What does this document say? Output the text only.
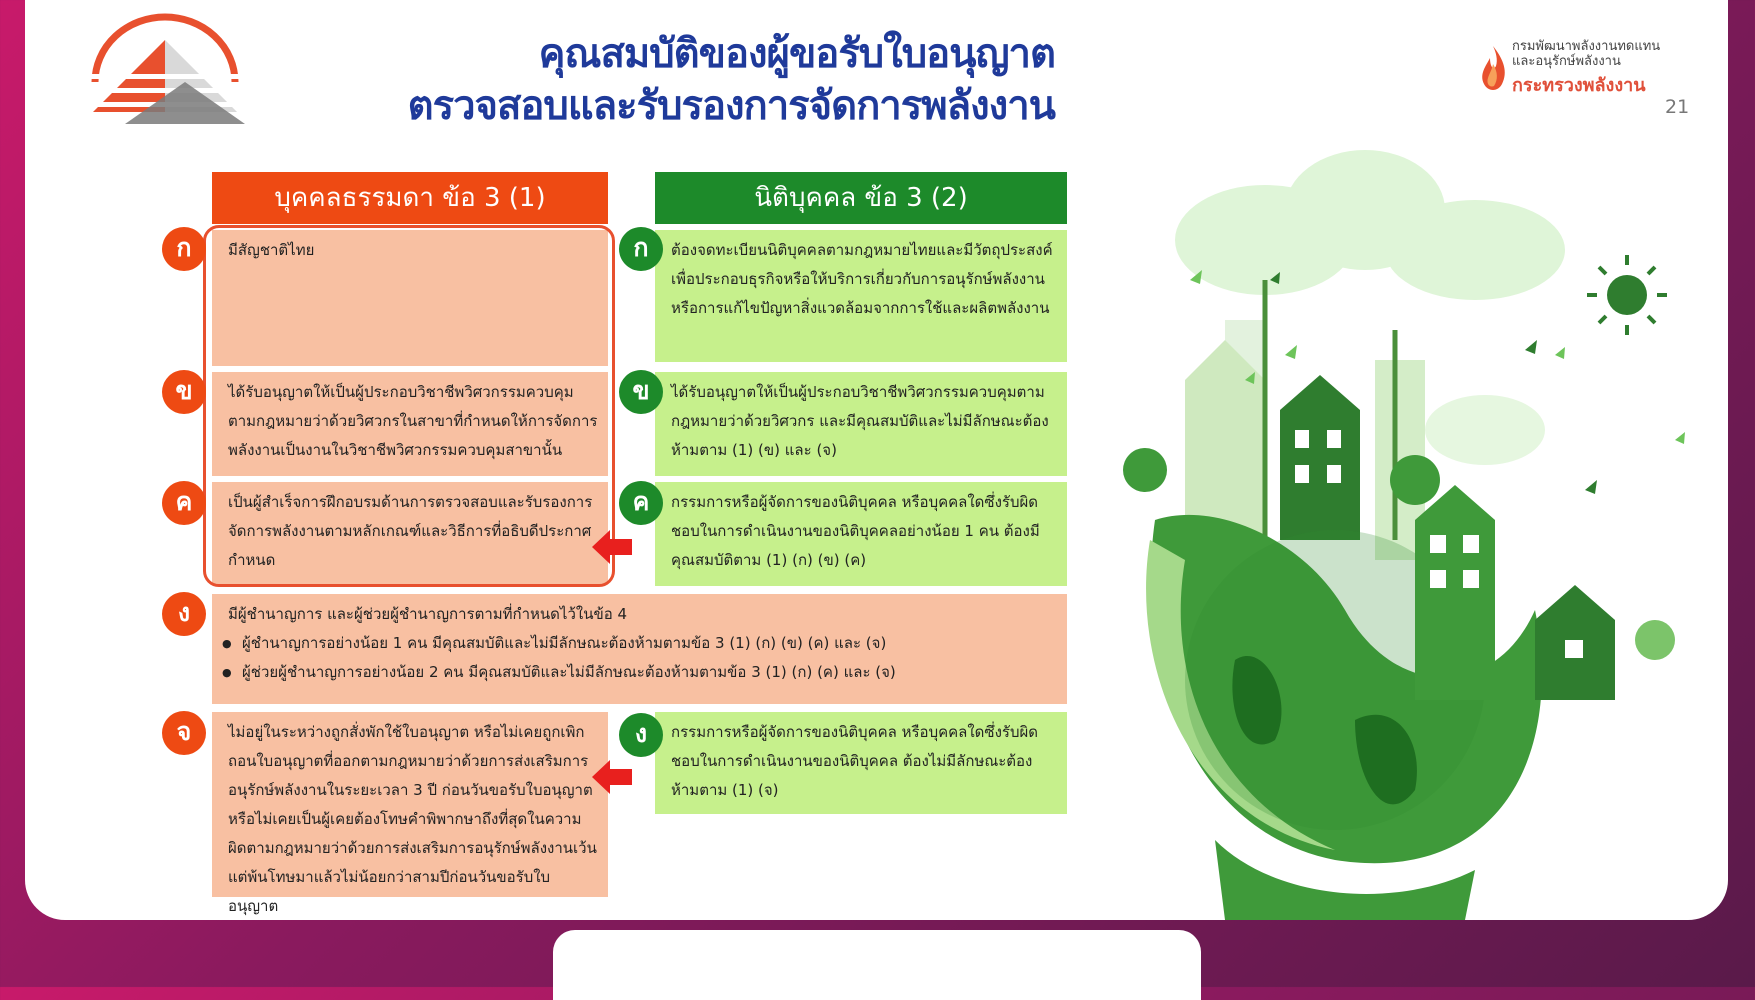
คุณสมบัติของผู้ขอรับใบอนุญาต
ตรวจสอบและรับรองการจัดการพลังงาน
กรมพัฒนาพลังงานทดแทน
และอนุรักษ์พลังงาน
กระทรวงพลังงาน
21
บุคคลธรรมดา ข้อ 3 (1)	นิติบุคคล ข้อ 3 (2)
มีสัญชาติไทย
ได้รับอนุญาตให้เป็นผู้ประกอบวิชาชีพวิศวกรรมควบคุมตามกฎหมายว่าด้วยวิศวกรในสาขาที่กำหนดให้การจัดการพลังงานเป็นงานในวิชาชีพวิศวกรรมควบคุมสาขานั้น
เป็นผู้สำเร็จการฝึกอบรมด้านการตรวจสอบและรับรองการจัดการพลังงานตามหลักเกณฑ์และวิธีการที่อธิบดีประกาศกำหนด
ต้องจดทะเบียนนิติบุคคลตามกฎหมายไทยและมีวัตถุประสงค์เพื่อประกอบธุรกิจหรือให้บริการเกี่ยวกับการอนุรักษ์พลังงานหรือการแก้ไขปัญหาสิ่งแวดล้อมจากการใช้และผลิตพลังงาน
ได้รับอนุญาตให้เป็นผู้ประกอบวิชาชีพวิศวกรรมควบคุมตามกฎหมายว่าด้วยวิศวกร และมีคุณสมบัติและไม่มีลักษณะต้องห้ามตาม (1) (ข) และ (จ)
กรรมการหรือผู้จัดการของนิติบุคคล หรือบุคคลใดซึ่งรับผิดชอบในการดำเนินงานของนิติบุคคลอย่างน้อย 1 คน ต้องมีคุณสมบัติตาม (1) (ก) (ข) (ค)
มีผู้ชำนาญการ และผู้ช่วยผู้ชำนาญการตามที่กำหนดไว้ในข้อ 4
● ผู้ชำนาญการอย่างน้อย 1 คน มีคุณสมบัติและไม่มีลักษณะต้องห้ามตามข้อ 3 (1) (ก) (ข) (ค) และ (จ)
● ผู้ช่วยผู้ชำนาญการอย่างน้อย 2 คน มีคุณสมบัติและไม่มีลักษณะต้องห้ามตามข้อ 3 (1) (ก) (ค) และ (จ)
ไม่อยู่ในระหว่างถูกสั่งพักใช้ใบอนุญาต หรือไม่เคยถูกเพิกถอนใบอนุญาตที่ออกตามกฎหมายว่าด้วยการส่งเสริมการอนุรักษ์พลังงานในระยะเวลา 3 ปี ก่อนวันขอรับใบอนุญาตหรือไม่เคยเป็นผู้เคยต้องโทษคำพิพากษาถึงที่สุดในความผิดตามกฎหมายว่าด้วยการส่งเสริมการอนุรักษ์พลังงานเว้นแต่พ้นโทษมาแล้วไม่น้อยกว่าสามปีก่อนวันขอรับใบอนุญาต
กรรมการหรือผู้จัดการของนิติบุคคล หรือบุคคลใดซึ่งรับผิดชอบในการดำเนินงานของนิติบุคคล ต้องไม่มีลักษณะต้องห้ามตาม (1) (จ)
ก
ข
ค
ง
จ
ก
ข
ค
ง
